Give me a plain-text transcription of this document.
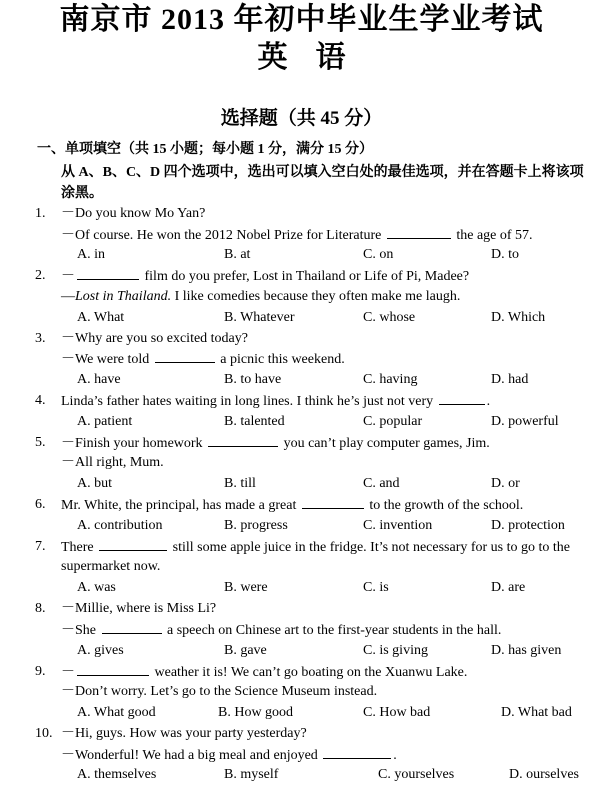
南京市 2013 年初中毕业生学业考试
英 语
选择题（共 45 分）
一、单项填空（共 15 小题；每小题 1 分，满分 15 分）
从 A、B、C、D 四个选项中，选出可以填入空白处的最佳选项，并在答题卡上将该项涂黑。
1. －Do you know Mo Yan?
－Of course. He won the 2012 Nobel Prize for Literature	the age of 57.
A. in	B. at	C. on	D. to
2. －	film do you prefer, Lost in Thailand or Life of Pi, Madee?
—Lost in Thailand. I like comedies because they often make me laugh.
A. What	B. Whatever	C. whose	D. Which
3. －Why are you so excited today?
－We were told	a picnic this weekend.
A. have	B. to have	C. having	D. had
4. Linda’s father hates waiting in long lines. I think he’s just not very	.
A. patient	B. talented	C. popular	D. powerful
5. －Finish your homework	you can’t play computer games, Jim.
－All right, Mum.
A. but	B. till	C. and	D. or
6. Mr. White, the principal, has made a great	to the growth of the school.
A. contribution	B. progress	C. invention	D. protection
7. There	still some apple juice in the fridge. It’s not necessary for us to go to the
supermarket now.
A. was	B. were	C. is	D. are
8. －Millie, where is Miss Li?
－She	a speech on Chinese art to the first-year students in the hall.
A. gives	B. gave	C. is giving	D. has given
9. －	weather it is! We can’t go boating on the Xuanwu Lake.
－Don’t worry. Let’s go to the Science Museum instead.
A. What good	B. How good	C. How bad	D. What bad
10. －Hi, guys. How was your party yesterday?
－Wonderful! We had a big meal and enjoyed	.
A. themselves	B. myself	C. yourselves	D. ourselves
